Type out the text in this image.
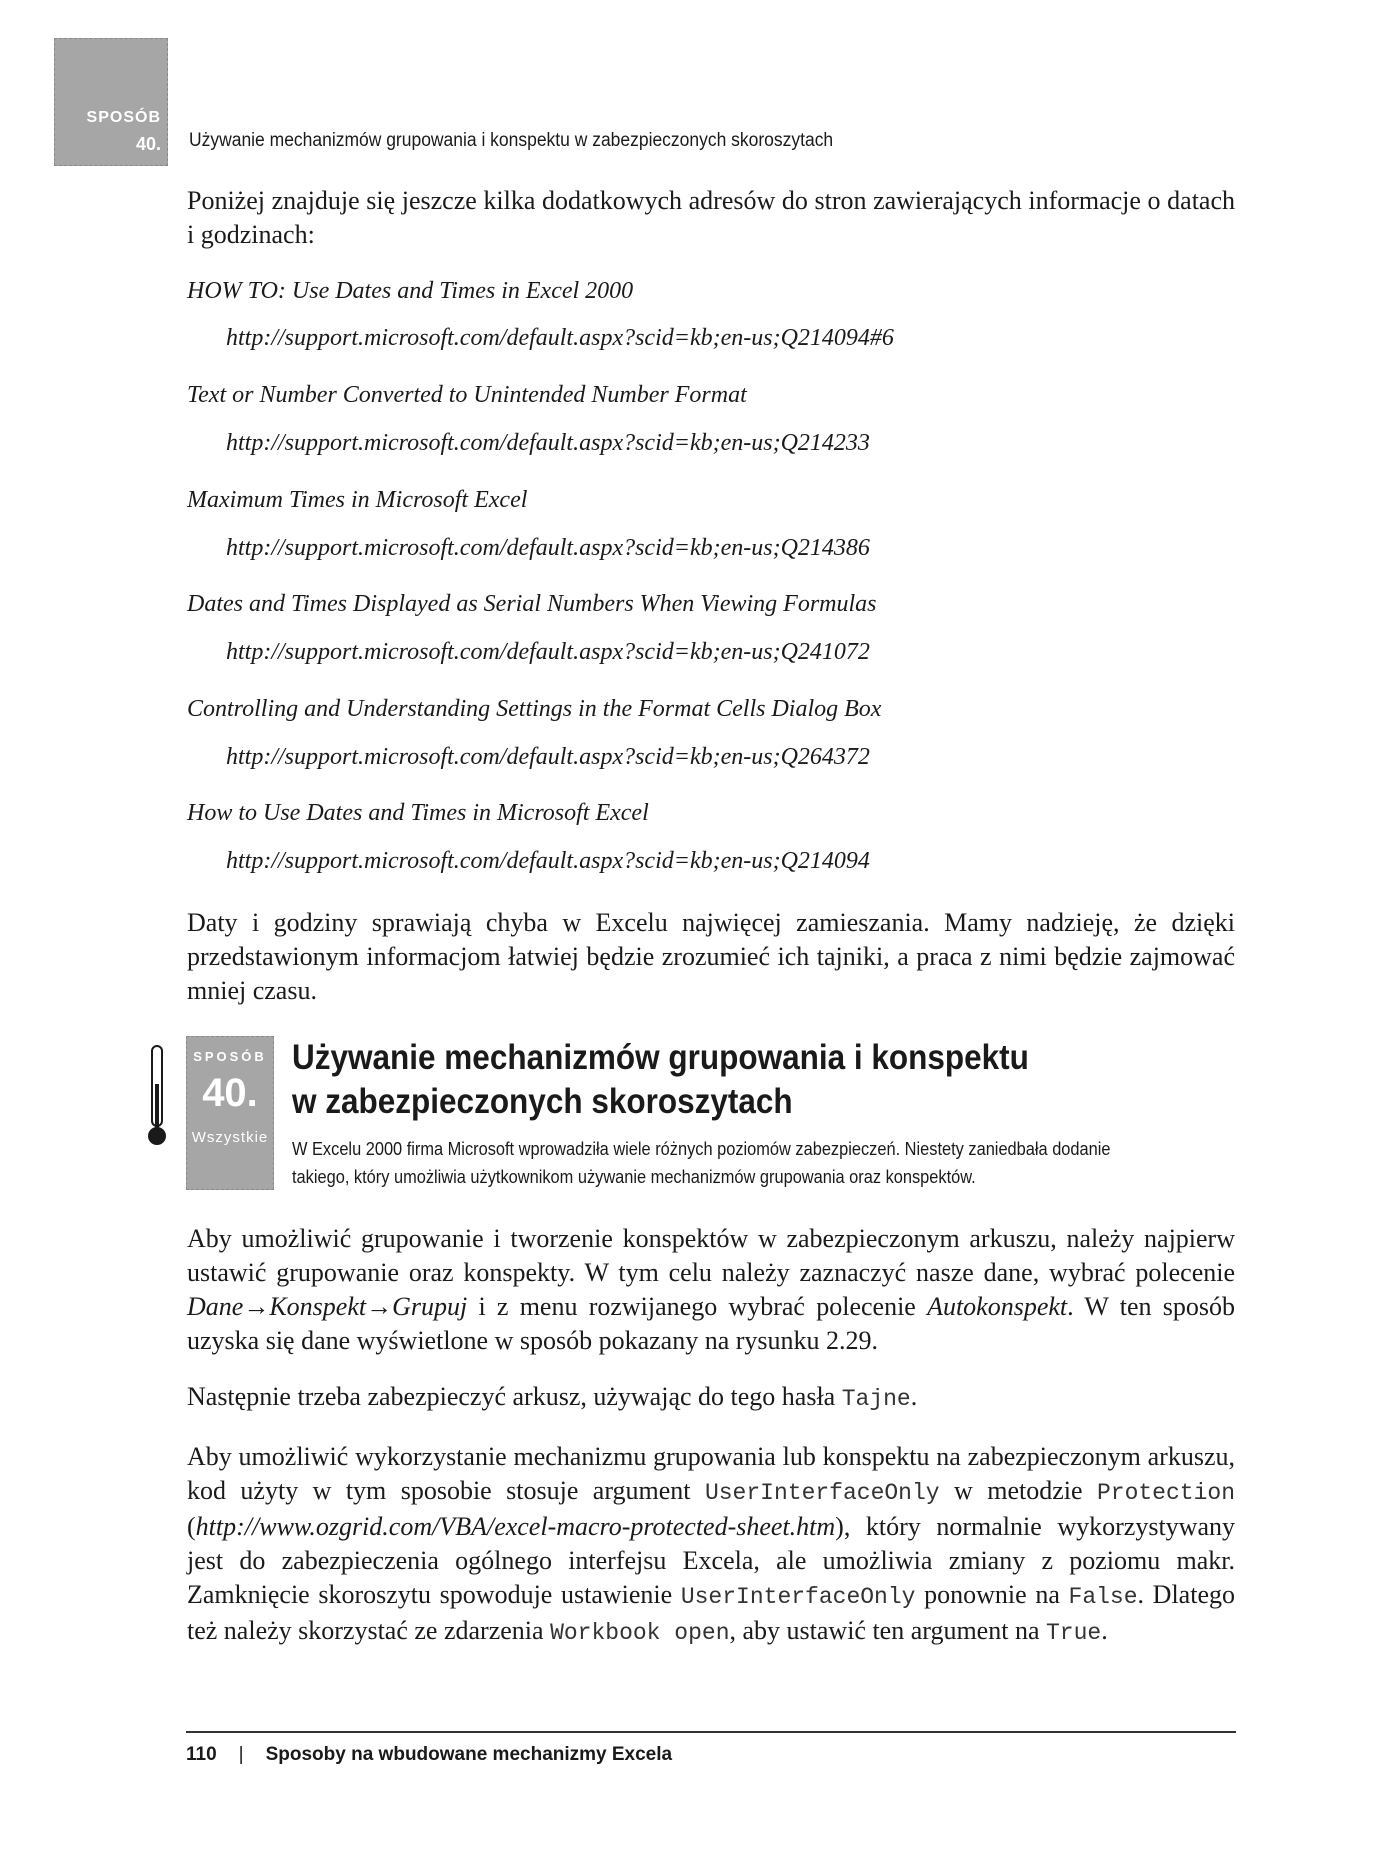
SPOSÓB
40. Używanie mechanizmów grupowania i konspektu w zabezpieczonych skoroszytach
Poniżej znajduje się jeszcze kilka dodatkowych adresów do stron zawierających informacje o datach i godzinach:
HOW TO: Use Dates and Times in Excel 2000
http://support.microsoft.com/default.aspx?scid=kb;en-us;Q214094#6
Text or Number Converted to Unintended Number Format
http://support.microsoft.com/default.aspx?scid=kb;en-us;Q214233
Maximum Times in Microsoft Excel
http://support.microsoft.com/default.aspx?scid=kb;en-us;Q214386
Dates and Times Displayed as Serial Numbers When Viewing Formulas
http://support.microsoft.com/default.aspx?scid=kb;en-us;Q241072
Controlling and Understanding Settings in the Format Cells Dialog Box
http://support.microsoft.com/default.aspx?scid=kb;en-us;Q264372
How to Use Dates and Times in Microsoft Excel
http://support.microsoft.com/default.aspx?scid=kb;en-us;Q214094
Daty i godziny sprawiają chyba w Excelu najwięcej zamieszania. Mamy nadzieję, że dzięki przedstawionym informacjom łatwiej będzie zrozumieć ich tajniki, a praca z nimi będzie zajmować mniej czasu.
SPOSÓB
40.
Wszystkie
Używanie mechanizmów grupowania i konspektu
w zabezpieczonych skoroszytach
W Excelu 2000 firma Microsoft wprowadziła wiele różnych poziomów zabezpieczeń. Niestety zaniedbała dodanie takiego, który umożliwia użytkownikom używanie mechanizmów grupowania oraz konspektów.
Aby umożliwić grupowanie i tworzenie konspektów w zabezpieczonym arkuszu, należy najpierw ustawić grupowanie oraz konspekty. W tym celu należy zaznaczyć nasze dane, wybrać polecenie Dane→Konspekt→Grupuj i z menu rozwijanego wybrać polecenie Autokonspekt. W ten sposób uzyska się dane wyświetlone w sposób pokazany na rysunku 2.29.
Następnie trzeba zabezpieczyć arkusz, używając do tego hasła Tajne.
Aby umożliwić wykorzystanie mechanizmu grupowania lub konspektu na zabezpieczonym arkuszu, kod użyty w tym sposobie stosuje argument UserInterfaceOnly w metodzie Protection (http://www.ozgrid.com/VBA/excel-macro-protected-sheet.htm), który normalnie wykorzystywany jest do zabezpieczenia ogólnego interfejsu Excela, ale umożliwia zmiany z poziomu makr. Zamknięcie skoroszytu spowoduje ustawienie UserInterfaceOnly ponownie na False. Dlatego też należy skorzystać ze zdarzenia Workbook open, aby ustawić ten argument na True.
110 | Sposoby na wbudowane mechanizmy Excela
